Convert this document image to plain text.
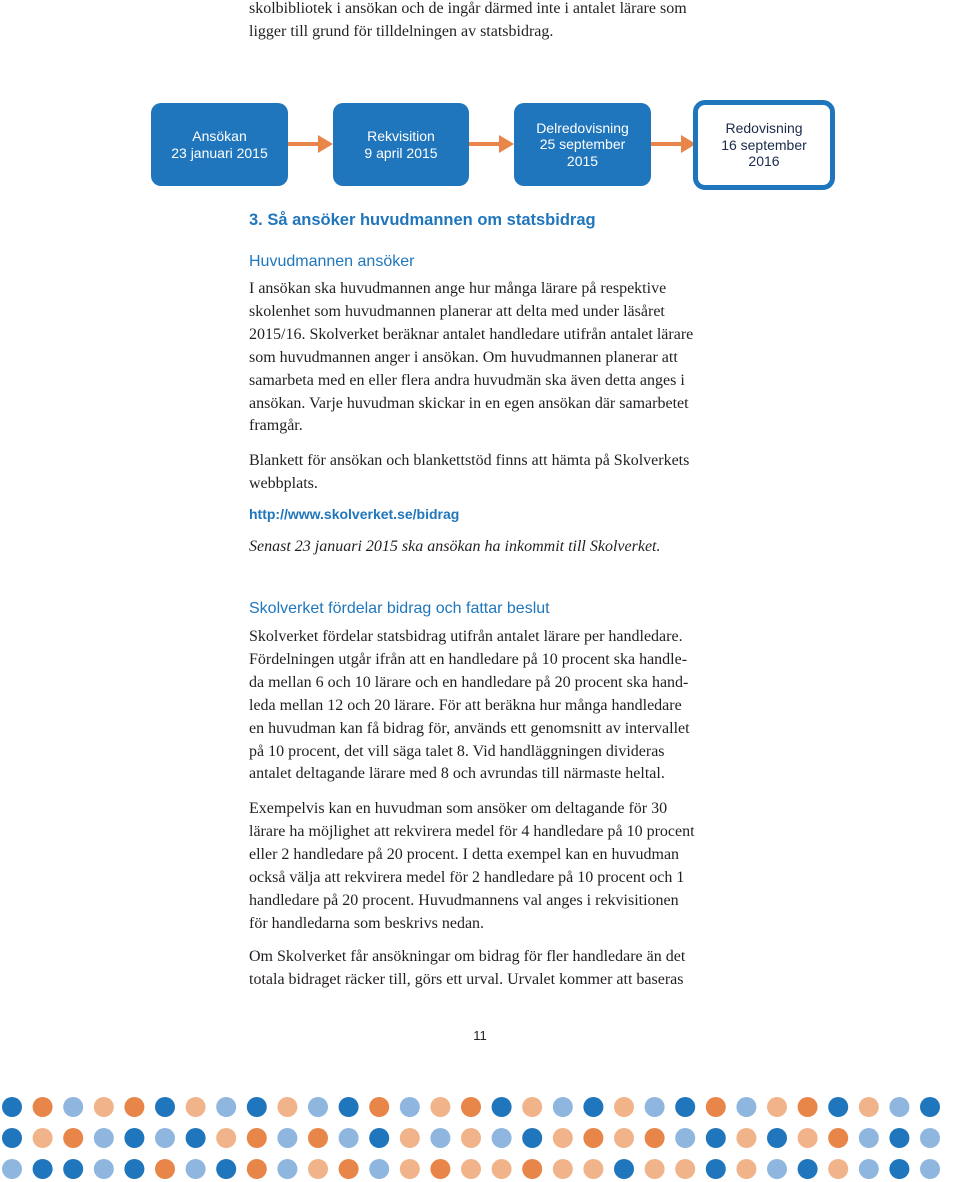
skolbibliotek i ansökan och de ingår därmed inte i antalet lärare som

ligger till grund för tilldelningen av statsbidrag.

Ansökan
23 januari 2015
Rekvisition
9 april 2015
Delredovisning
25 september
2015
Redovisning
16 september
2016
3. Så ansöker huvudmannen om statsbidrag
Huvudmannen ansöker

I ansökan ska huvudmannen ange hur många lärare på respektive

skolenhet som huvudmannen planerar att delta med under läsåret

2015/16. Skolverket beräknar antalet handledare utifrån antalet lärare

som huvudmannen anger i ansökan. Om huvudmannen planerar att

samarbeta med en eller flera andra huvudmän ska även detta anges i

ansökan. Varje huvudman skickar in en egen ansökan där samarbetet

framgår.

Blankett för ansökan och blankettstöd finns att hämta på Skolverkets

webbplats.

http://www.skolverket.se/bidrag
Senast 23 januari 2015 ska ansökan ha inkommit till Skolverket.
Skolverket fördelar bidrag och fattar beslut

Skolverket fördelar statsbidrag utifrån antalet lärare per handledare.

Fördelningen utgår ifrån att en handledare på 10 procent ska handle-

da mellan 6 och 10 lärare och en handledare på 20 procent ska hand-

leda mellan 12 och 20 lärare. För att beräkna hur många handledare

en huvudman kan få bidrag för, används ett genomsnitt av intervallet

på 10 procent, det vill säga talet 8. Vid handläggningen divideras

antalet deltagande lärare med 8 och avrundas till närmaste heltal.

Exempelvis kan en huvudman som ansöker om deltagande för 30

lärare ha möjlighet att rekvirera medel för 4 handledare på 10 procent

eller 2 handledare på 20 procent. I detta exempel kan en huvudman

också välja att rekvirera medel för 2 handledare på 10 procent och 1

handledare på 20 procent. Huvudmannens val anges i rekvisitionen

för handledarna som beskrivs nedan.

Om Skolverket får ansökningar om bidrag för fler handledare än det

totala bidraget räcker till, görs ett urval. Urvalet kommer att baseras

11
